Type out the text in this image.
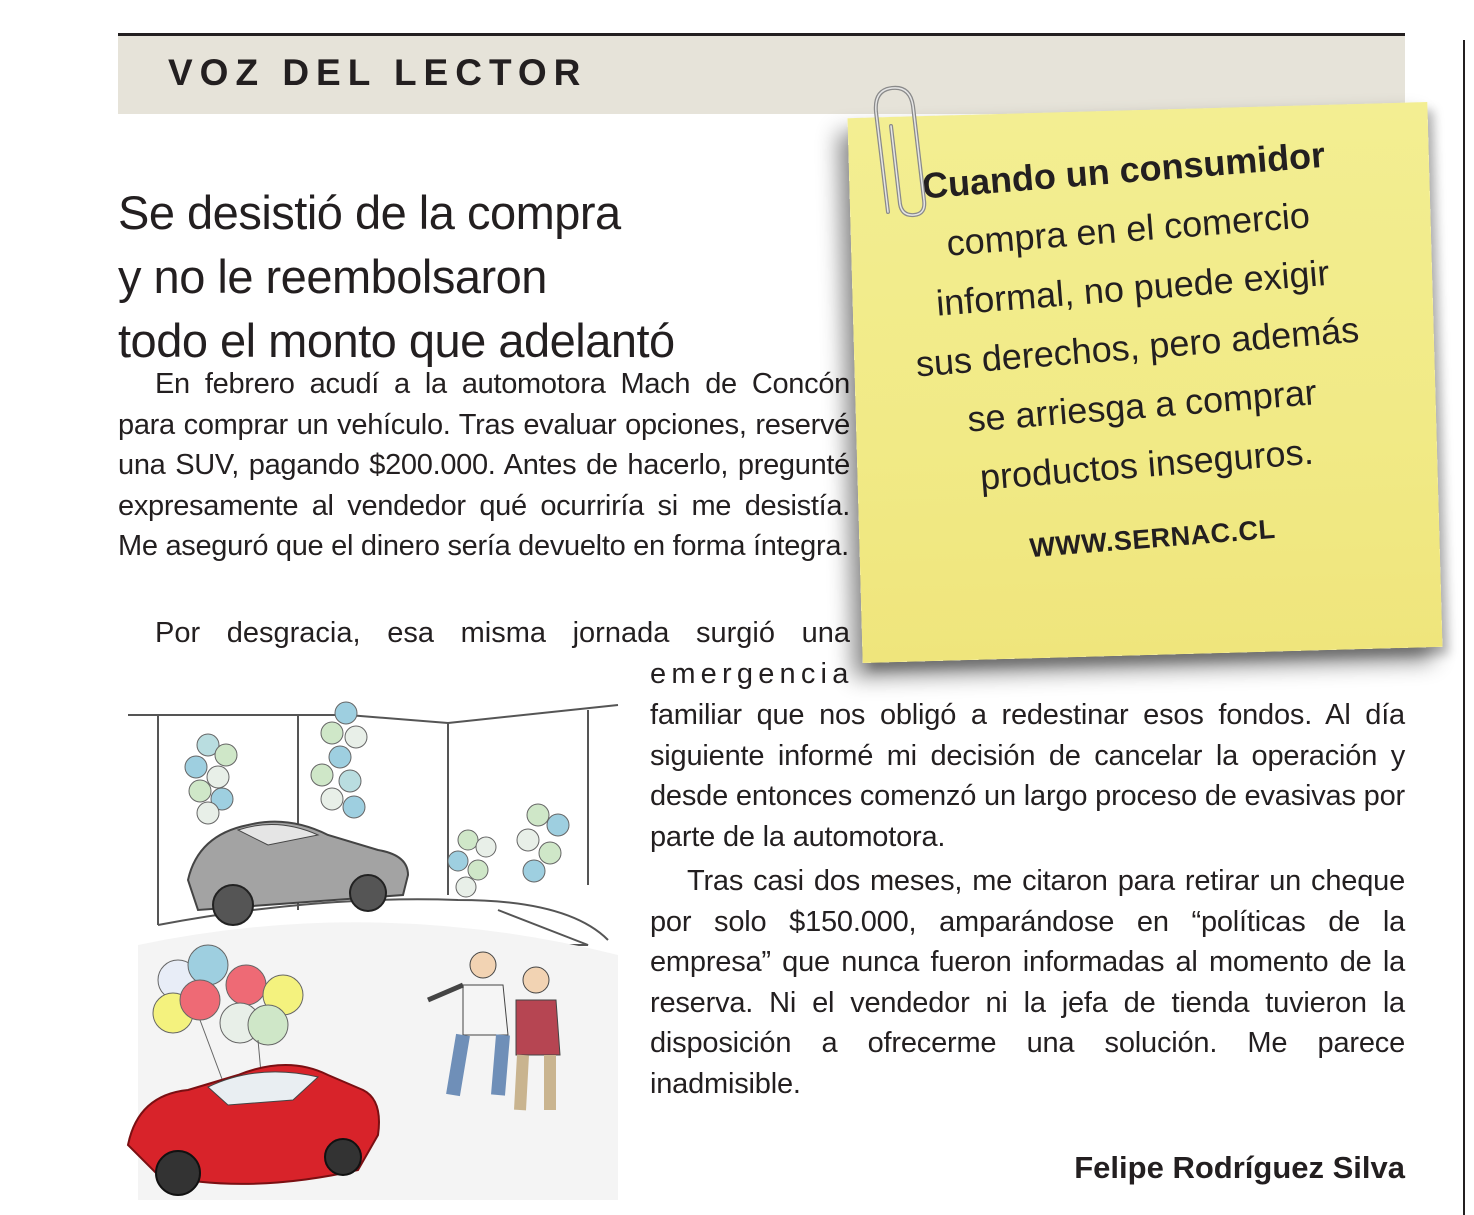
VOZ DEL LECTOR
Se desistió de la compra
y no le reembolsaron
todo el monto que adelantó

En febrero acudí a la automotora Mach de Concón para comprar un vehículo. Tras evaluar opciones, reservé una SUV, pagando $200.000. Antes de hacerlo, pregunté expresamente al vendedor qué ocurriría si me desistía. Me aseguró que el dinero sería devuelto en forma íntegra.

Por desgracia, esa misma jornada surgió una

emergencia

familiar que nos obligó a redestinar esos fondos. Al día siguiente informé mi decisión de cancelar la operación y desde entonces comenzó un largo proceso de evasivas por parte de la automotora.

Tras casi dos meses, me citaron para retirar un cheque por solo $150.000, amparándose en “políticas de la empresa” que nunca fueron informadas al momento de la reserva. Ni el vendedor ni la jefa de tienda tuvieron la disposición a ofrecerme una solución. Me parece inadmisible.

Felipe Rodríguez Silva
Cuando un consumidor
compra en el comercio
informal, no puede exigir
sus derechos, pero además
se arriesga a comprar
productos inseguros.
WWW.SERNAC.CL
